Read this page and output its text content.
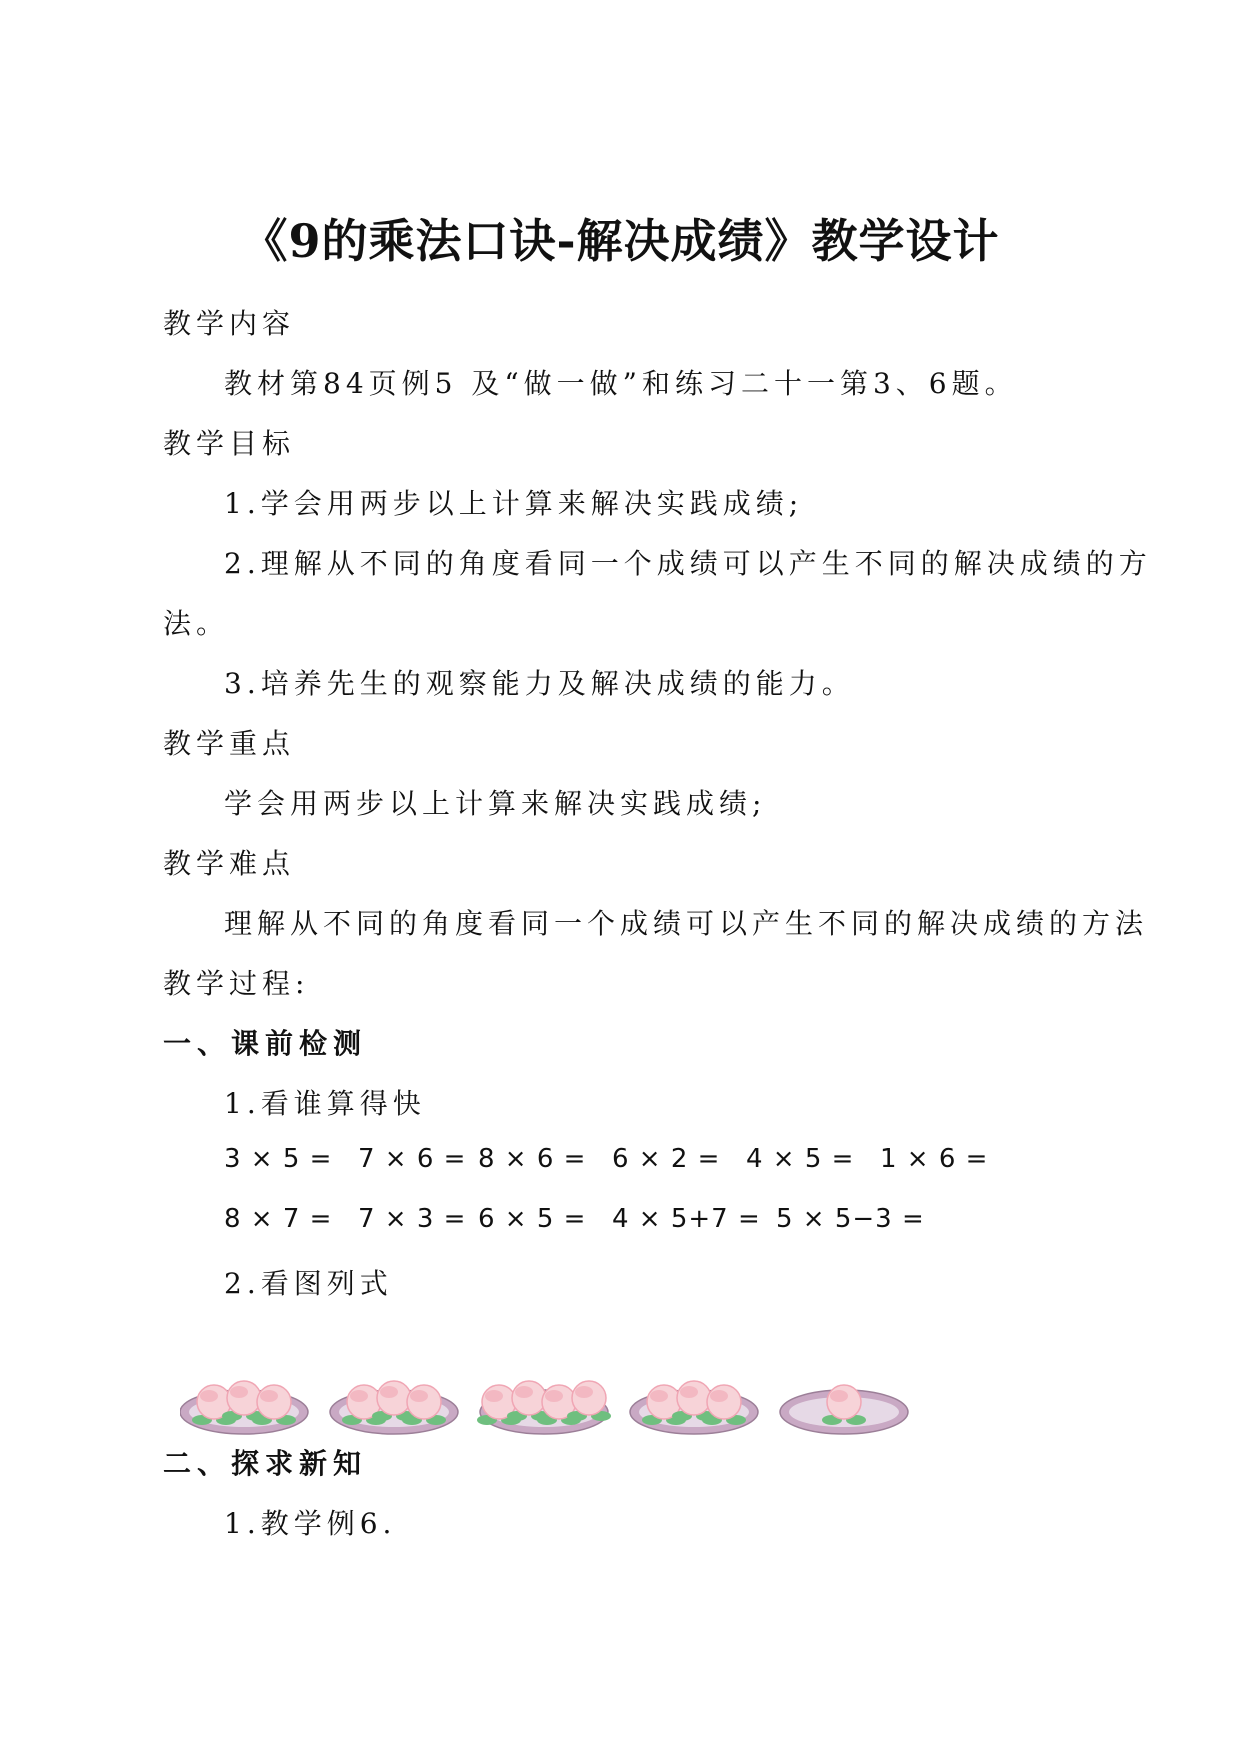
《9的乘法口诀-解决成绩》教学设计
教学内容
教材第84页例5 及“做一做”和练习二十一第3、6题。
教学目标
1.学会用两步以上计算来解决实践成绩;
2.理解从不同的角度看同一个成绩可以产生不同的解决成绩的方
法。
3.培养先生的观察能力及解决成绩的能力。
教学重点
学会用两步以上计算来解决实践成绩;
教学难点
理解从不同的角度看同一个成绩可以产生不同的解决成绩的方法
教学过程:
一、课前检测
1.看谁算得快
3 × 5 = 7 × 6 = 8 × 6 = 6 × 2 = 4 × 5 = 1 × 6 =
8 × 7 = 7 × 3 = 6 × 5 = 4 × 5+7 = 5 × 5−3 =
2.看图列式
二、探求新知
1.教学例6.
